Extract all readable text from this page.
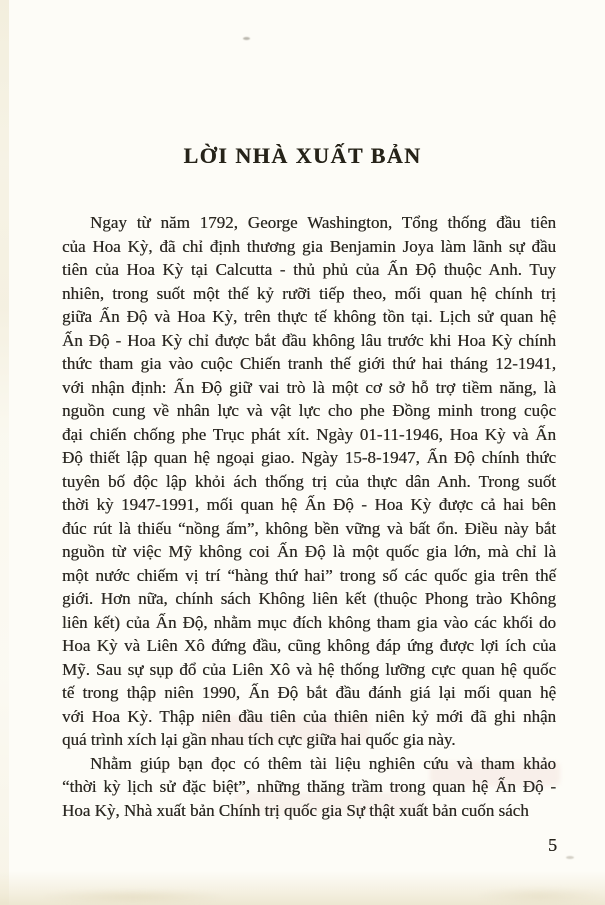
LỜI NHÀ XUẤT BẢN
Ngay từ năm 1792, George Washington, Tổng thống đầu tiên
của Hoa Kỳ, đã chỉ định thương gia Benjamin Joya làm lãnh sự đầu
tiên của Hoa Kỳ tại Calcutta - thủ phủ của Ấn Độ thuộc Anh. Tuy
nhiên, trong suốt một thế kỷ rưỡi tiếp theo, mối quan hệ chính trị
giữa Ấn Độ và Hoa Kỳ, trên thực tế không tồn tại. Lịch sử quan hệ
Ấn Độ - Hoa Kỳ chỉ được bắt đầu không lâu trước khi Hoa Kỳ chính
thức tham gia vào cuộc Chiến tranh thế giới thứ hai tháng 12-1941,
với nhận định: Ấn Độ giữ vai trò là một cơ sở hỗ trợ tiềm năng, là
nguồn cung về nhân lực và vật lực cho phe Đồng minh trong cuộc
đại chiến chống phe Trục phát xít. Ngày 01-11-1946, Hoa Kỳ và Ấn
Độ thiết lập quan hệ ngoại giao. Ngày 15-8-1947, Ấn Độ chính thức
tuyên bố độc lập khỏi ách thống trị của thực dân Anh. Trong suốt
thời kỳ 1947-1991, mối quan hệ Ấn Độ - Hoa Kỳ được cả hai bên
đúc rút là thiếu “nồng ấm”, không bền vững và bất ổn. Điều này bắt
nguồn từ việc Mỹ không coi Ấn Độ là một quốc gia lớn, mà chỉ là
một nước chiếm vị trí “hàng thứ hai” trong số các quốc gia trên thế
giới. Hơn nữa, chính sách Không liên kết (thuộc Phong trào Không
liên kết) của Ấn Độ, nhằm mục đích không tham gia vào các khối do
Hoa Kỳ và Liên Xô đứng đầu, cũng không đáp ứng được lợi ích của
Mỹ. Sau sự sụp đổ của Liên Xô và hệ thống lưỡng cực quan hệ quốc
tế trong thập niên 1990, Ấn Độ bắt đầu đánh giá lại mối quan hệ
với Hoa Kỳ. Thập niên đầu tiên của thiên niên kỷ mới đã ghi nhận
quá trình xích lại gần nhau tích cực giữa hai quốc gia này.
Nhằm giúp bạn đọc có thêm tài liệu nghiên cứu và tham khảo
“thời kỳ lịch sử đặc biệt”, những thăng trầm trong quan hệ Ấn Độ -
Hoa Kỳ, Nhà xuất bản Chính trị quốc gia Sự thật xuất bản cuốn sách
5
